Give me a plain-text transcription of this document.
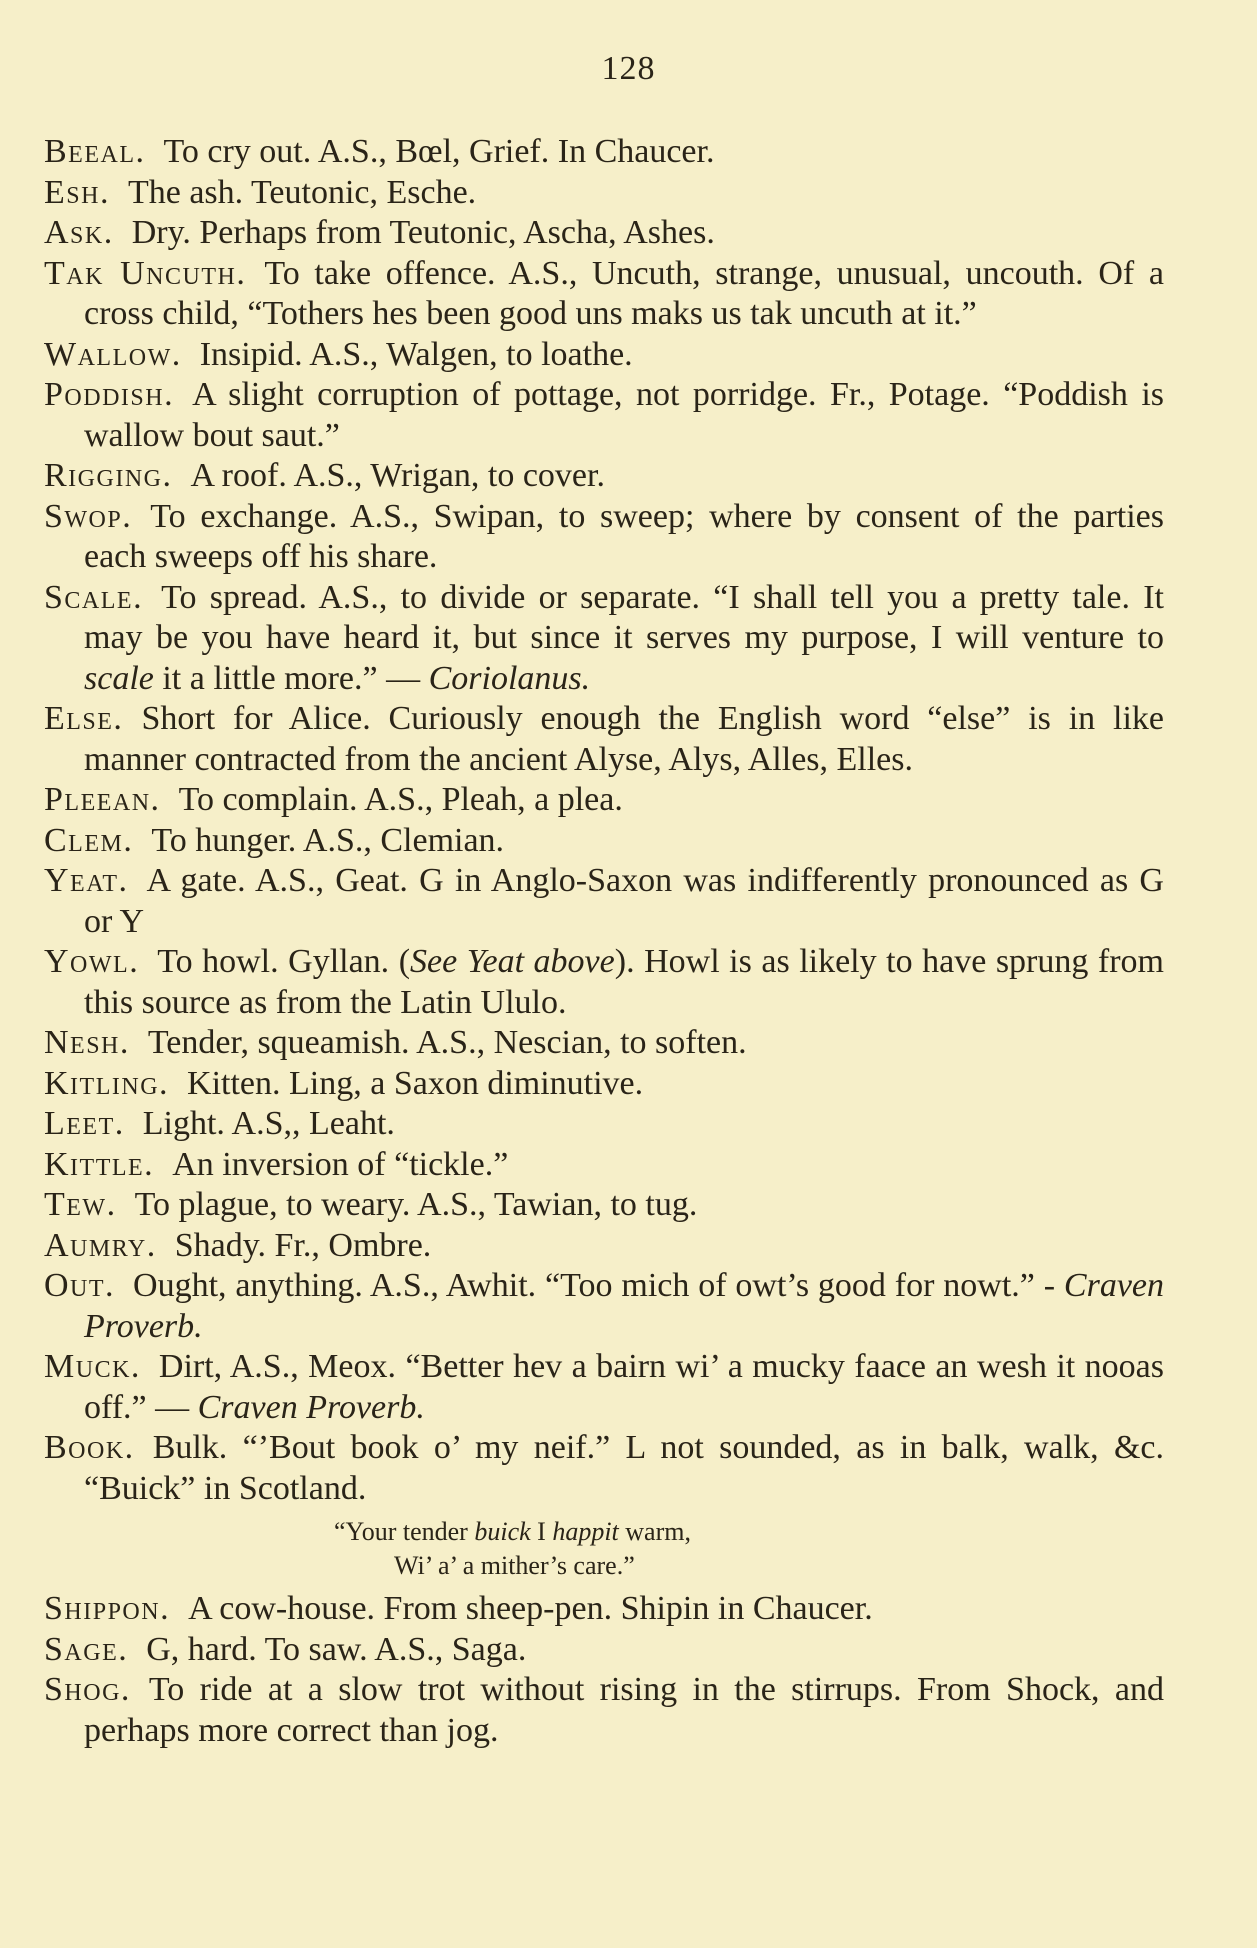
128

Beeal. To cry out. A.S., Bœl, Grief. In Chaucer.

Esh. The ash. Teutonic, Esche.

Ask. Dry. Perhaps from Teutonic, Ascha, Ashes.

Tak Uncuth. To take offence. A.S., Uncuth, strange, unusual, uncouth. Of a cross child, “Tothers hes been good uns maks us tak uncuth at it.”

Wallow. Insipid. A.S., Walgen, to loathe.

Poddish. A slight corruption of pottage, not porridge. Fr., Potage. “Poddish is wallow bout saut.”

Rigging. A roof. A.S., Wrigan, to cover.

Swop. To exchange. A.S., Swipan, to sweep; where by consent of the parties each sweeps off his share.

Scale. To spread. A.S., to divide or separate. “I shall tell you a pretty tale. It may be you have heard it, but since it serves my purpose, I will venture to scale it a little more.” — Coriolanus.

Else. Short for Alice. Curiously enough the English word “else” is in like manner contracted from the ancient Alyse, Alys, Alles, Elles.

Pleean. To complain. A.S., Pleah, a plea.

Clem. To hunger. A.S., Clemian.

Yeat. A gate. A.S., Geat. G in Anglo-Saxon was indifferently pronounced as G or Y

Yowl. To howl. Gyllan. (See Yeat above). Howl is as likely to have sprung from this source as from the Latin Ululo.

Nesh. Tender, squeamish. A.S., Nescian, to soften.

Kitling. Kitten. Ling, a Saxon diminutive.

Leet. Light. A.S,, Leaht.

Kittle. An inversion of “tickle.”

Tew. To plague, to weary. A.S., Tawian, to tug.

Aumry. Shady. Fr., Ombre.

Out. Ought, anything. A.S., Awhit. “Too mich of owt’s good for nowt.” - Craven Proverb.

Muck. Dirt, A.S., Meox. “Better hev a bairn wi’ a mucky faace an wesh it nooas off.” — Craven Proverb.

Book. Bulk. “’Bout book o’ my neif.” L not sounded, as in balk, walk, &c. “Buick” in Scotland.

“Your tender buick I happit warm,
Wi’ a’ a mither’s care.”

Shippon. A cow-house. From sheep-pen. Shipin in Chaucer.

Sage. G, hard. To saw. A.S., Saga.

Shog. To ride at a slow trot without rising in the stirrups. From Shock, and perhaps more correct than jog.
